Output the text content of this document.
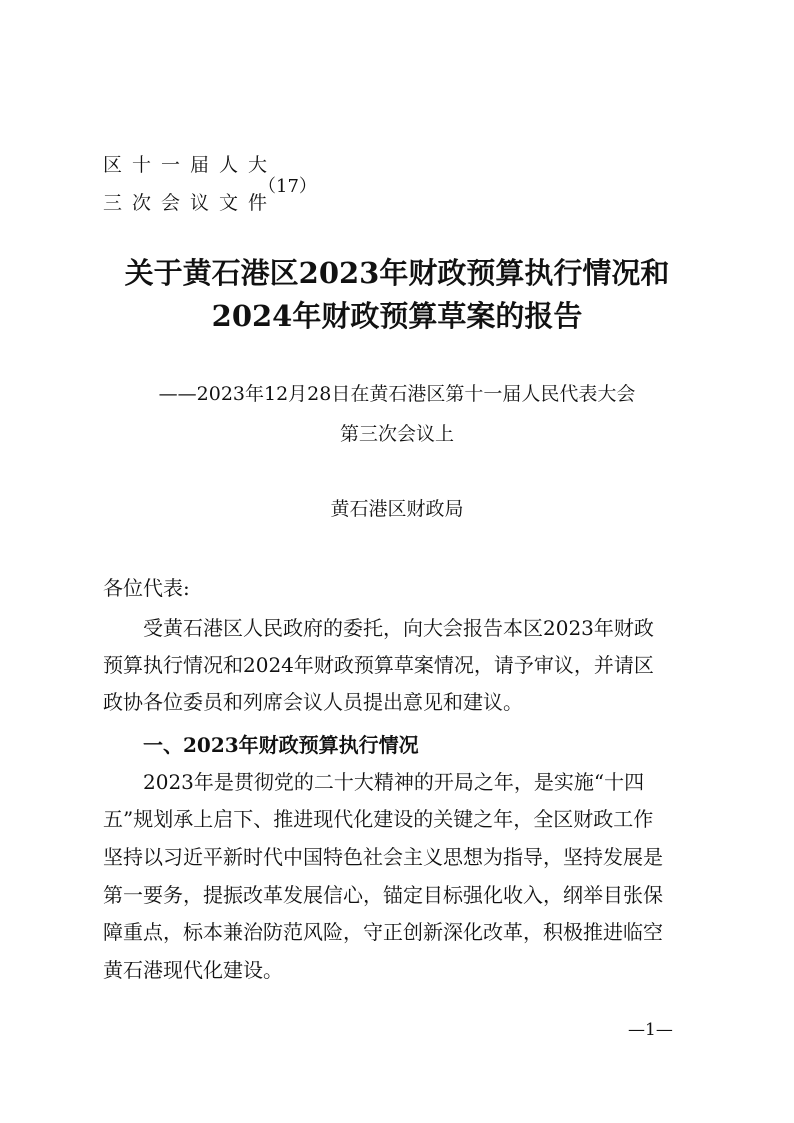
区十一届人大
三次会议文件
（17）
关于黄石港区2023年财政预算执行情况和
2024年财政预算草案的报告
——2023年12月28日在黄石港区第十一届人民代表大会
第三次会议上
黄石港区财政局
各位代表:
受黄石港区人民政府的委托，向大会报告本区2023年财政
预算执行情况和2024年财政预算草案情况，请予审议，并请区
政协各位委员和列席会议人员提出意见和建议。
一、2023年财政预算执行情况
2023年是贯彻党的二十大精神的开局之年，是实施“十四
五”规划承上启下、推进现代化建设的关键之年，全区财政工作
坚持以习近平新时代中国特色社会主义思想为指导，坚持发展是
第一要务，提振改革发展信心，锚定目标强化收入，纲举目张保
障重点，标本兼治防范风险，守正创新深化改革，积极推进临空
黄石港现代化建设。
—1—
